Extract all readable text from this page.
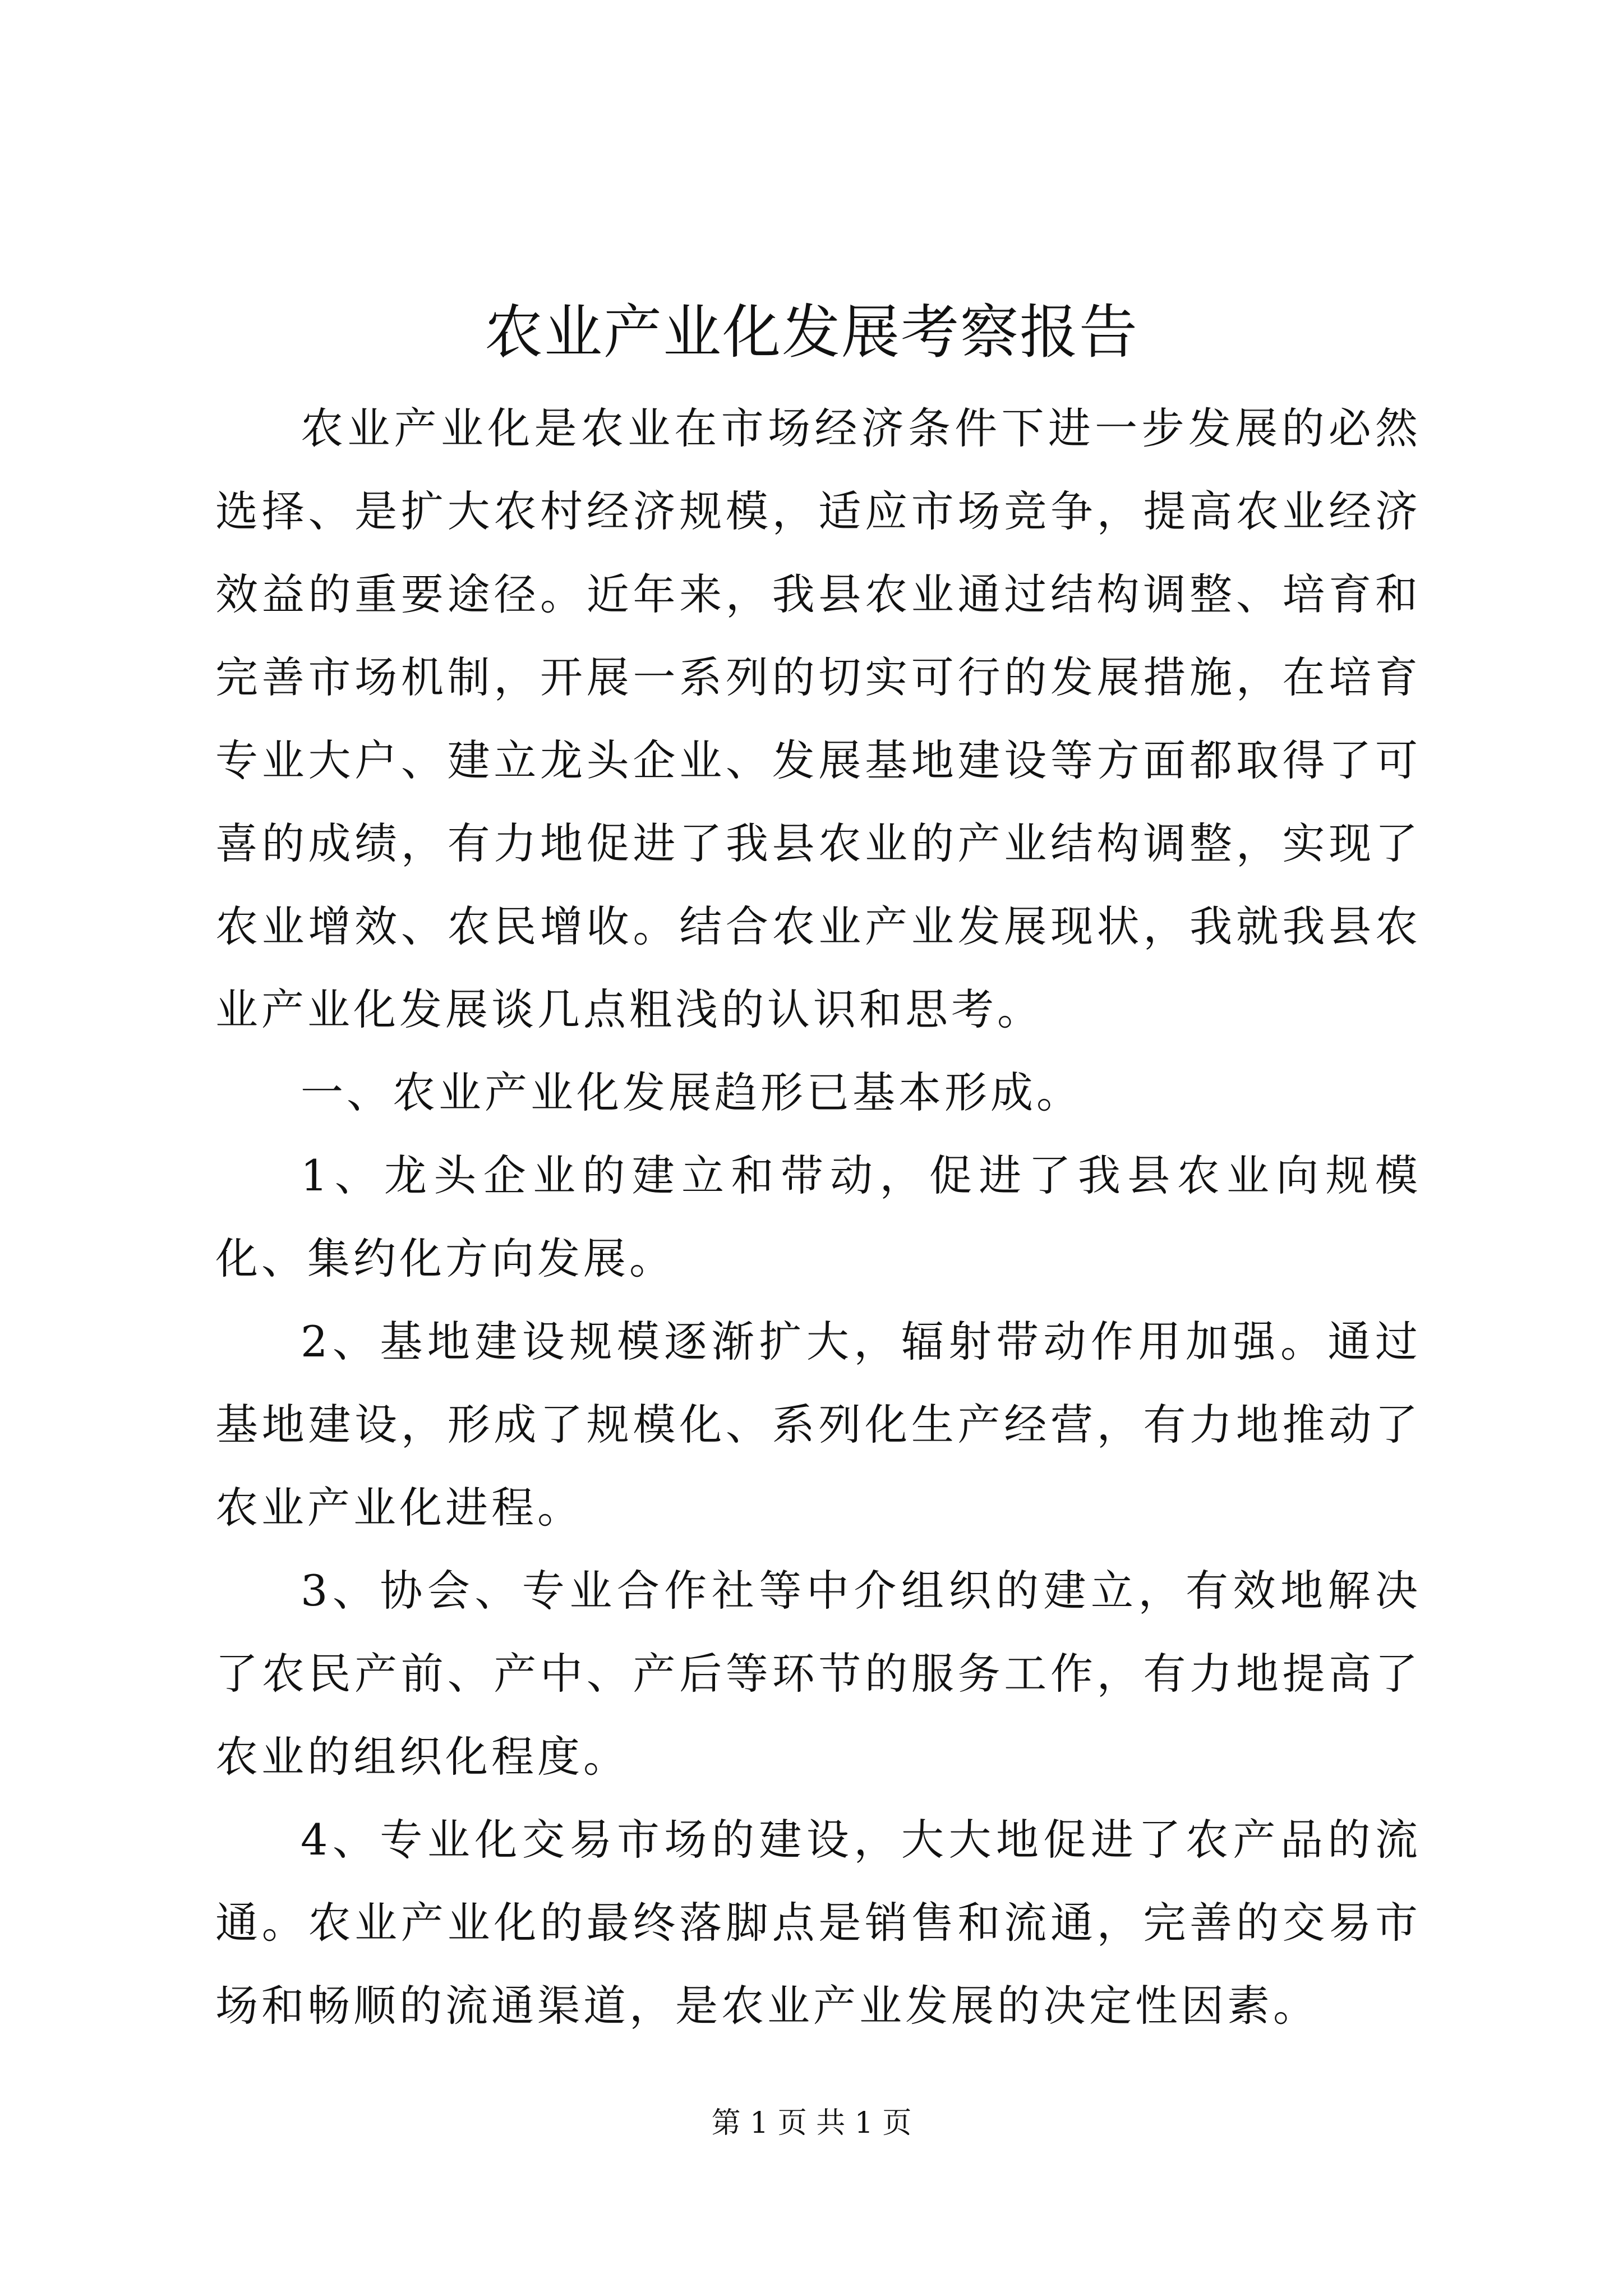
农业产业化发展考察报告

农业产业化是农业在市场经济条件下进一步发展的必然选择、是扩大农村经济规模，适应市场竞争，提高农业经济效益的重要途径。近年来，我县农业通过结构调整、培育和完善市场机制，开展一系列的切实可行的发展措施，在培育专业大户、建立龙头企业、发展基地建设等方面都取得了可喜的成绩，有力地促进了我县农业的产业结构调整，实现了农业增效、农民增收。结合农业产业发展现状，我就我县农业产业化发展谈几点粗浅的认识和思考。

一、农业产业化发展趋形已基本形成。

1、龙头企业的建立和带动，促进了我县农业向规模化、集约化方向发展。

2、基地建设规模逐渐扩大，辐射带动作用加强。通过基地建设，形成了规模化、系列化生产经营，有力地推动了农业产业化进程。

3、协会、专业合作社等中介组织的建立，有效地解决了农民产前、产中、产后等环节的服务工作，有力地提高了农业的组织化程度。

4、专业化交易市场的建设，大大地促进了农产品的流通。农业产业化的最终落脚点是销售和流通，完善的交易市场和畅顺的流通渠道，是农业产业发展的决定性因素。

第 1 页 共 1 页
